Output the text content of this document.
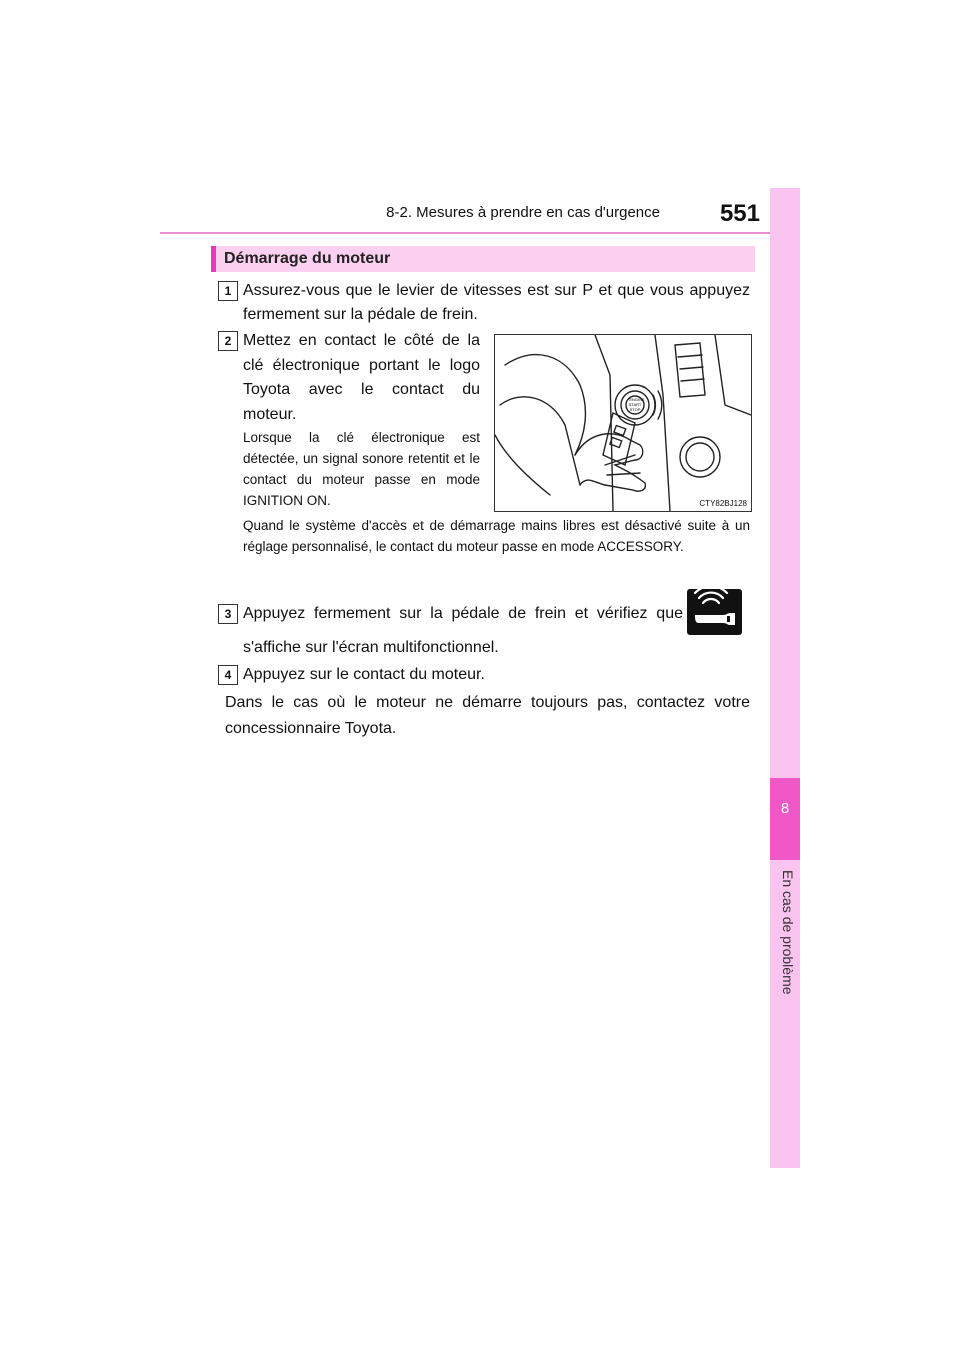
8-2. Mesures à prendre en cas d'urgence	551
8
En cas de problème
Démarrage du moteur
1 Assurez-vous que le levier de vitesses est sur P et que vous appuyez fermement sur la pédale de frein.
2 Mettez en contact le côté de la clé électronique portant le logo Toyota avec le contact du moteur.
Lorsque la clé électronique est détectée, un signal sonore retentit et le contact du moteur passe en mode IGNITION ON.
Quand le système d'accès et de démarrage mains libres est désactivé suite à un réglage personnalisé, le contact du moteur passe en mode ACCESSORY.
ENGINE
START
STOP
CTY82BJ128
3 Appuyez fermement sur la pédale de frein et vérifiez que
s'affiche sur l'écran multifonctionnel.
4 Appuyez sur le contact du moteur.
Dans le cas où le moteur ne démarre toujours pas, contactez votre concessionnaire Toyota.
